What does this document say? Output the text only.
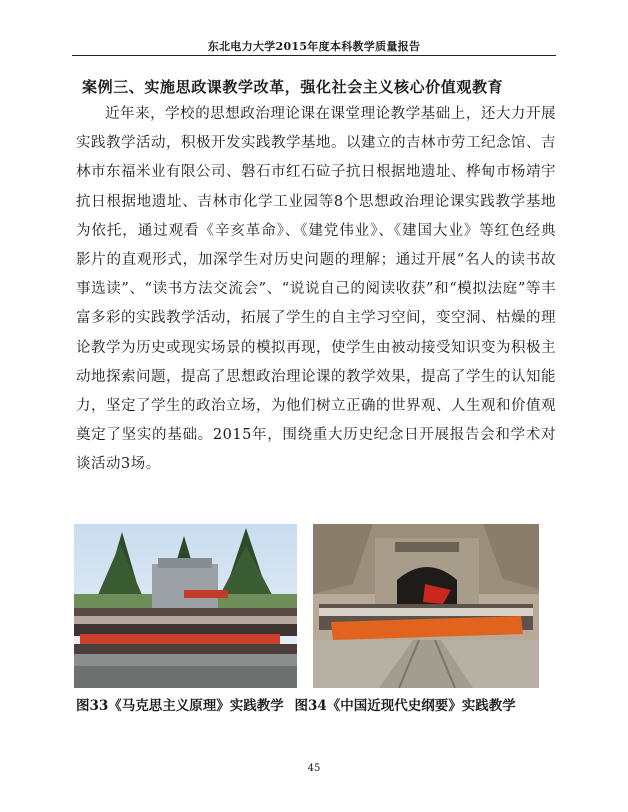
东北电力大学2015年度本科教学质量报告
案例三、实施思政课教学改革，强化社会主义核心价值观教育

近年来，学校的思想政治理论课在课堂理论教学基础上，还大力开展实践教学活动，积极开发实践教学基地。以建立的吉林市劳工纪念馆、吉林市东福米业有限公司、磐石市红石砬子抗日根据地遗址、桦甸市杨靖宇抗日根据地遗址、吉林市化学工业园等8个思想政治理论课实践教学基地为依托，通过观看《辛亥革命》、《建党伟业》、《建国大业》等红色经典影片的直观形式，加深学生对历史问题的理解；通过开展“名人的读书故事选读”、“读书方法交流会”、“说说自己的阅读收获”和“模拟法庭”等丰富多彩的实践教学活动，拓展了学生的自主学习空间，变空洞、枯燥的理论教学为历史或现实场景的模拟再现，使学生由被动接受知识变为积极主动地探索问题，提高了思想政治理论课的教学效果，提高了学生的认知能力，坚定了学生的政治立场，为他们树立正确的世界观、人生观和价值观奠定了坚实的基础。2015年，围绕重大历史纪念日开展报告会和学术对谈活动3场。

图33《马克思主义原理》实践教学 图34《中国近现代史纲要》实践教学
45
